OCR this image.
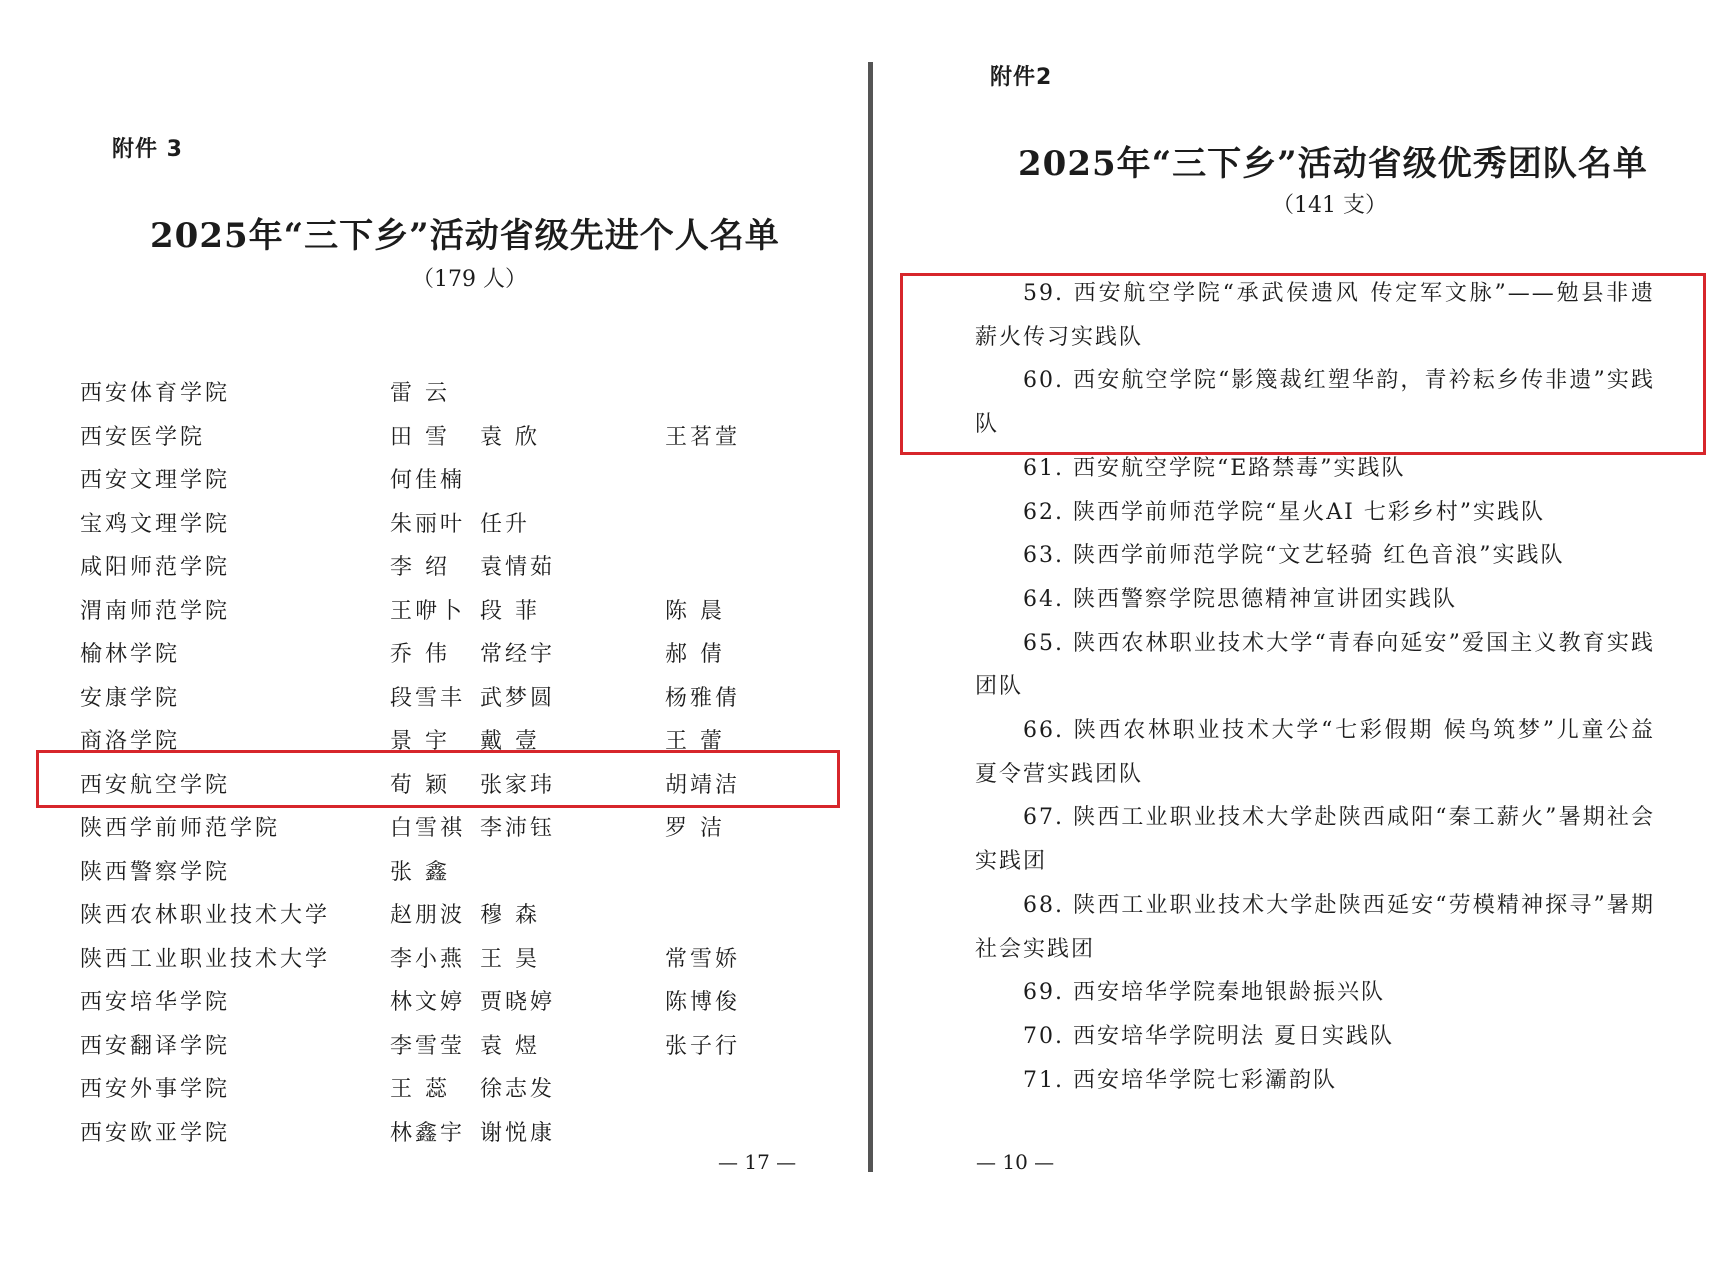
附件 3
2025年“三下乡”活动省级先进个人名单
（179 人）
西安体育学院	雷 云
西安医学院	田 雪 袁 欣	王茗萱
西安文理学院	何佳楠
宝鸡文理学院	朱丽叶 任升
咸阳师范学院	李 绍 袁情茹
渭南师范学院	王咿卜 段 菲	陈 晨
榆林学院	乔 伟 常经宇	郝 倩
安康学院	段雪丰 武梦圆	杨雅倩
商洛学院	景 宇 戴 壹	王 蕾
西安航空学院	荀 颖 张家玮	胡靖洁
陕西学前师范学院	白雪祺 李沛钰	罗 洁
陕西警察学院	张 鑫
陕西农林职业技术大学	赵朋波 穆 森
陕西工业职业技术大学	李小燕 王 昊	常雪娇
西安培华学院	林文婷 贾晓婷	陈博俊
西安翻译学院	李雪莹 袁 煜	张子行
西安外事学院	王 蕊 徐志发
西安欧亚学院	林鑫宇 谢悦康
— 17 —
附件2
2025年“三下乡”活动省级优秀团队名单
（141 支）
— 10 —

59. 西安航空学院“承武侯遗风 传定军文脉”——勉县非遗薪火传习实践队

60. 西安航空学院“影篾裁红塑华韵，青衿耘乡传非遗”实践队

61. 西安航空学院“E路禁毒”实践队

62. 陕西学前师范学院“星火AI 七彩乡村”实践队

63. 陕西学前师范学院“文艺轻骑 红色音浪”实践队

64. 陕西警察学院思德精神宣讲团实践队

65. 陕西农林职业技术大学“青春向延安”爱国主义教育实践团队

66. 陕西农林职业技术大学“七彩假期 候鸟筑梦”儿童公益夏令营实践团队

67. 陕西工业职业技术大学赴陕西咸阳“秦工薪火”暑期社会实践团

68. 陕西工业职业技术大学赴陕西延安“劳模精神探寻”暑期社会实践团

69. 西安培华学院秦地银龄振兴队

70. 西安培华学院明法 夏日实践队

71. 西安培华学院七彩灞韵队
